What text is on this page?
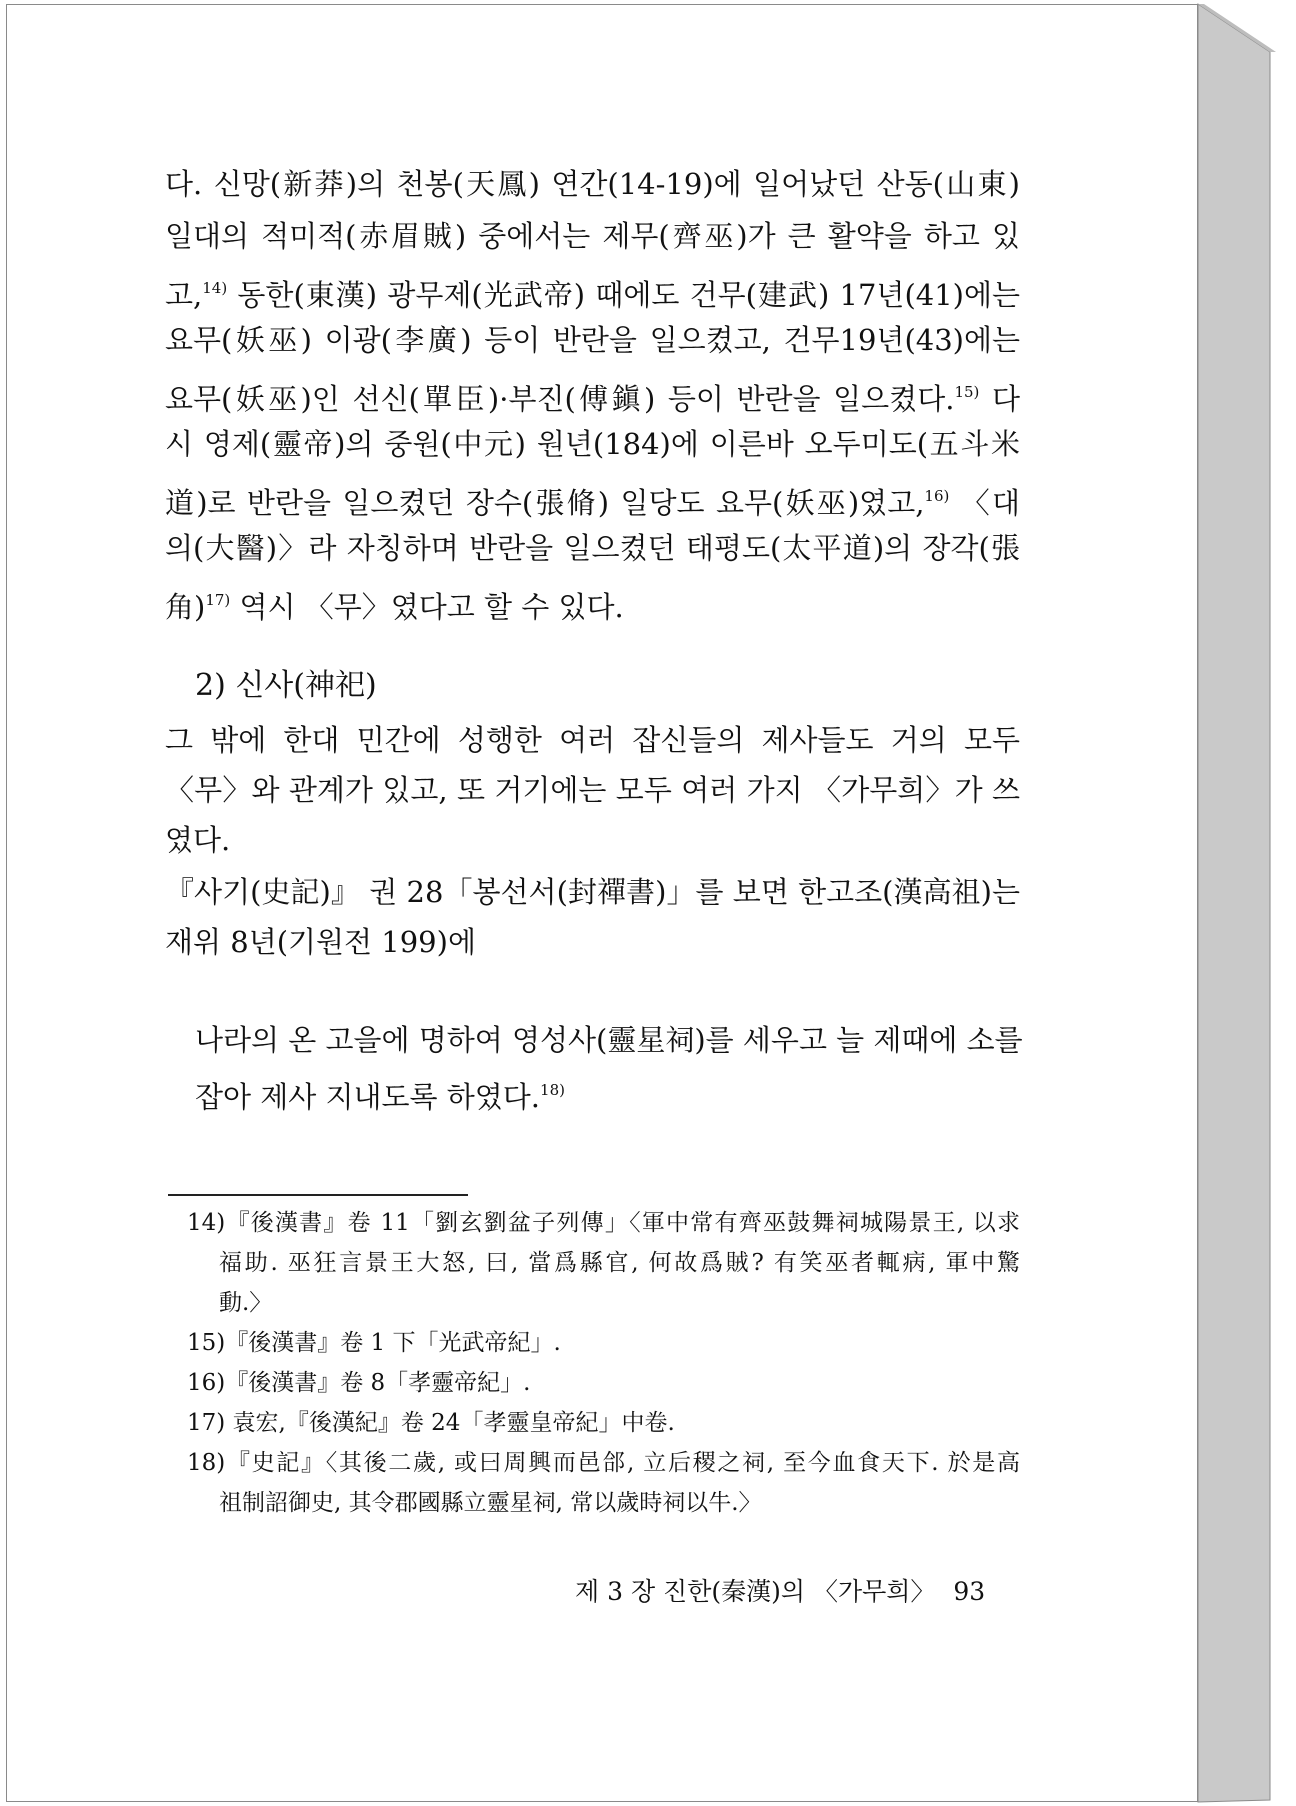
다. 신망(新莽)의 천봉(天鳳) 연간(14-19)에 일어났던 산동(山東)
일대의 적미적(赤眉賊) 중에서는 제무(齊巫)가 큰 활약을 하고 있
고,$^{14)}$ 동한(東漢) 광무제(光武帝) 때에도 건무(建武) 17년(41)에는
요무(妖巫) 이광(李廣) 등이 반란을 일으켰고, 건무19년(43)에는
요무(妖巫)인 선신(單臣)·부진(傅鎭) 등이 반란을 일으켰다.$^{15)}$ 다
시 영제(靈帝)의 중원(中元) 원년(184)에 이른바 오두미도(五斗米
道)로 반란을 일으켰던 장수(張脩) 일당도 요무(妖巫)였고,$^{16)}$ 〈대
의(大醫)〉라 자칭하며 반란을 일으켰던 태평도(太平道)의 장각(張
角)$^{17)}$ 역시 〈무〉였다고 할 수 있다.
2) 신사(神祀)
그 밖에 한대 민간에 성행한 여러 잡신들의 제사들도 거의 모두
〈무〉와 관계가 있고, 또 거기에는 모두 여러 가지 〈가무희〉가 쓰
였다.
『사기(史記)』 권 28「봉선서(封禪書)」를 보면 한고조(漢高祖)는
재위 8년(기원전 199)에
나라의 온 고을에 명하여 영성사(靈星祠)를 세우고 늘 제때에 소를
잡아 제사 지내도록 하였다.$^{18)}$
14)『後漢書』卷 11「劉玄劉盆子列傳」〈軍中常有齊巫鼓舞祠城陽景王, 以求
福助. 巫狂言景王大怒, 曰, 當爲縣官, 何故爲賊? 有笑巫者輒病, 軍中驚
動.〉
15)『後漢書』卷 1 下「光武帝紀」.
16)『後漢書』卷 8「孝靈帝紀」.
17) 袁宏,『後漢紀』卷 24「孝靈皇帝紀」中卷.
18)『史記』〈其後二歲, 或曰周興而邑郃, 立后稷之祠, 至今血食天下. 於是高
祖制詔御史, 其令郡國縣立靈星祠, 常以歲時祠以牛.〉
제 3 장 진한(秦漢)의 〈가무희〉 93
